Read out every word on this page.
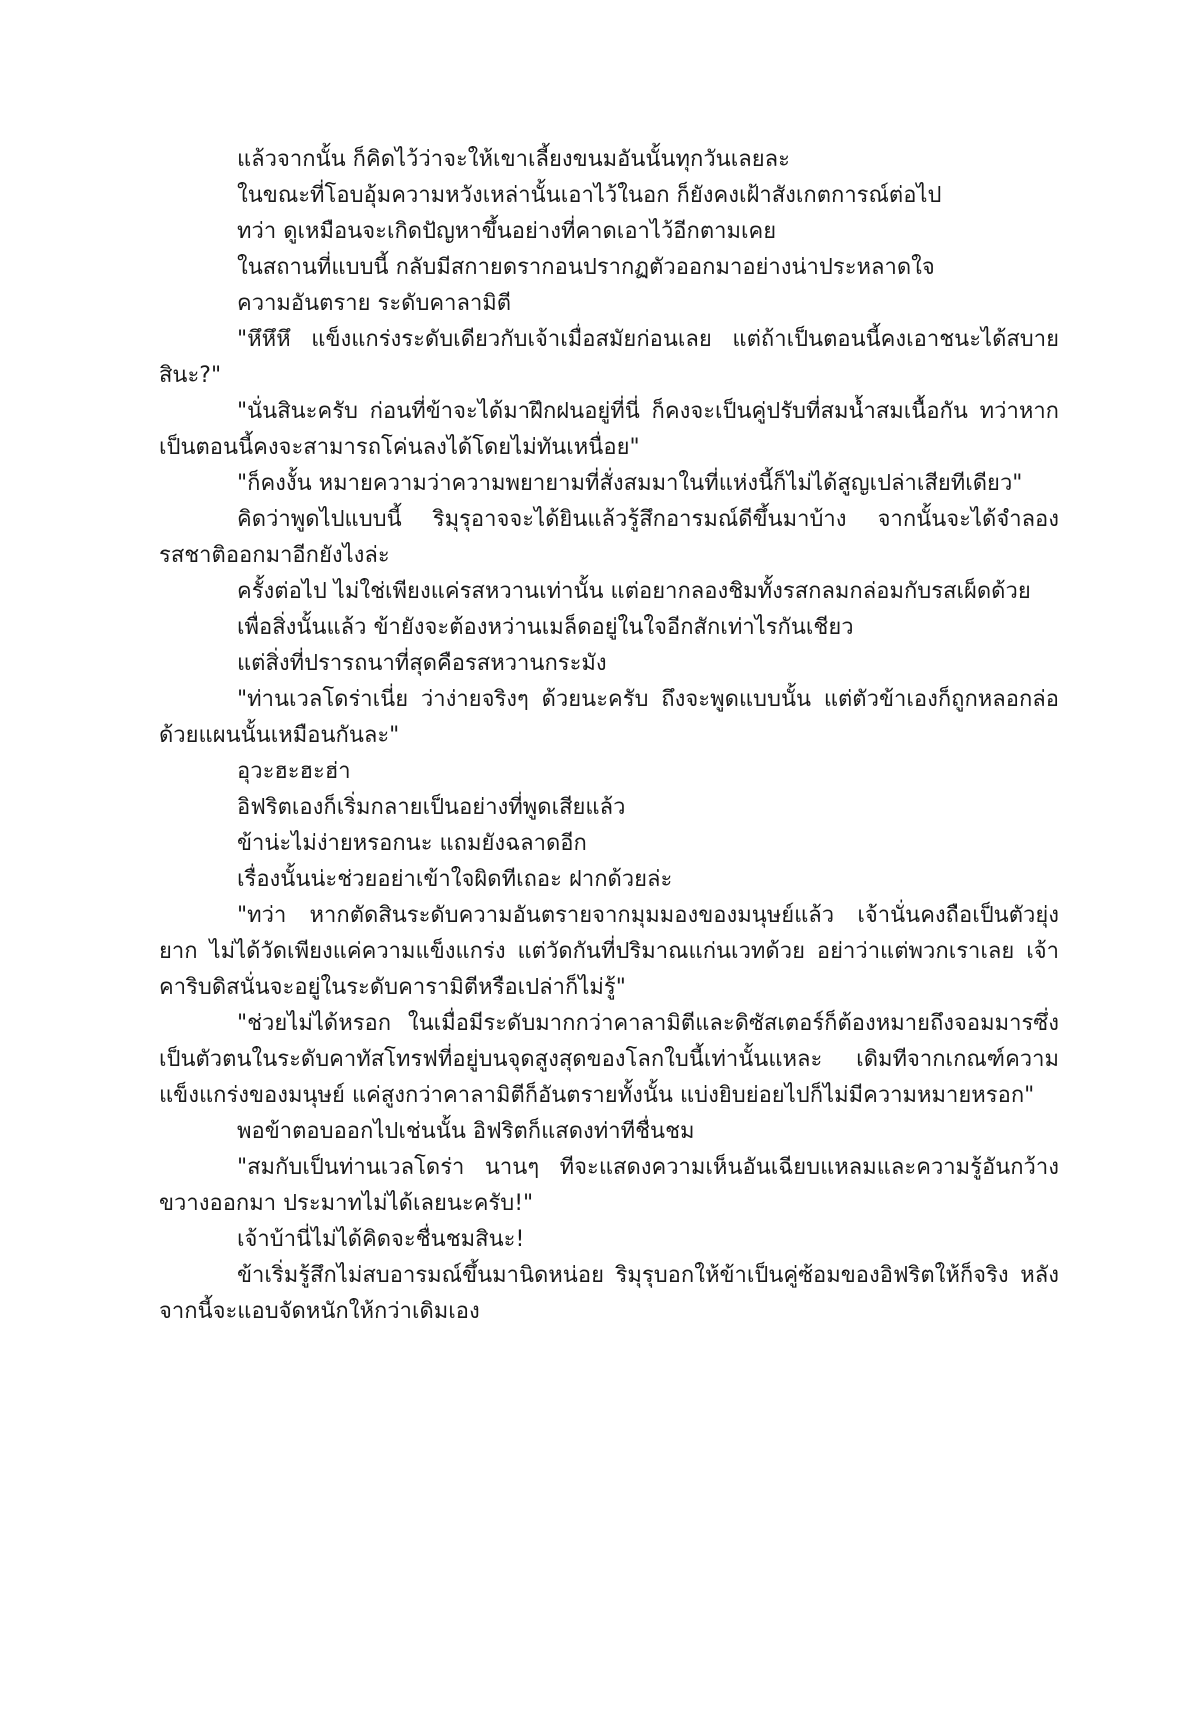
แล้วจากนั้น ก็คิดไว้ว่าจะให้เขาเลี้ยงขนมอันนั้นทุกวันเลยละ

ในขณะที่โอบอุ้มความหวังเหล่านั้นเอาไว้ในอก ก็ยังคงเฝ้าสังเกตการณ์ต่อไป

ทว่า ดูเหมือนจะเกิดปัญหาขึ้นอย่างที่คาดเอาไว้อีกตามเคย

ในสถานที่แบบนี้ กลับมีสกายดรากอนปรากฏตัวออกมาอย่างน่าประหลาดใจ

ความอันตราย ระดับคาลามิตี

"หึหึหึ แข็งแกร่งระดับเดียวกับเจ้าเมื่อสมัยก่อนเลย แต่ถ้าเป็นตอนนี้คงเอาชนะได้สบายสินะ?"

"นั่นสินะครับ ก่อนที่ข้าจะได้มาฝึกฝนอยู่ที่นี่ ก็คงจะเป็นคู่ปรับที่สมน้ำสมเนื้อกัน ทว่าหากเป็นตอนนี้คงจะสามารถโค่นลงได้โดยไม่ทันเหนื่อย"

"ก็คงงั้น หมายความว่าความพยายามที่สั่งสมมาในที่แห่งนี้ก็ไม่ได้สูญเปล่าเสียทีเดียว"

คิดว่าพูดไปแบบนี้ ริมุรุอาจจะได้ยินแล้วรู้สึกอารมณ์ดีขึ้นมาบ้าง จากนั้นจะได้จำลองรสชาติออกมาอีกยังไงล่ะ

ครั้งต่อไป ไม่ใช่เพียงแค่รสหวานเท่านั้น แต่อยากลองชิมทั้งรสกลมกล่อมกับรสเผ็ดด้วย

เพื่อสิ่งนั้นแล้ว ข้ายังจะต้องหว่านเมล็ดอยู่ในใจอีกสักเท่าไรกันเชียว

แต่สิ่งที่ปรารถนาที่สุดคือรสหวานกระมัง

"ท่านเวลโดร่าเนี่ย ว่าง่ายจริงๆ ด้วยนะครับ ถึงจะพูดแบบนั้น แต่ตัวข้าเองก็ถูกหลอกล่อด้วยแผนนั้นเหมือนกันละ"

อุวะฮะฮะฮ่า

อิฟริตเองก็เริ่มกลายเป็นอย่างที่พูดเสียแล้ว

ข้าน่ะไม่ง่ายหรอกนะ แถมยังฉลาดอีก

เรื่องนั้นน่ะช่วยอย่าเข้าใจผิดทีเถอะ ฝากด้วยล่ะ

"ทว่า หากตัดสินระดับความอันตรายจากมุมมองของมนุษย์แล้ว เจ้านั่นคงถือเป็นตัวยุ่งยาก ไม่ได้วัดเพียงแค่ความแข็งแกร่ง แต่วัดกันที่ปริมาณแก่นเวทด้วย อย่าว่าแต่พวกเราเลย เจ้าคาริบดิสนั่นจะอยู่ในระดับคารามิตีหรือเปล่าก็ไม่รู้"

"ช่วยไม่ได้หรอก ในเมื่อมีระดับมากกว่าคาลามิตีและดิซัสเตอร์ก็ต้องหมายถึงจอมมารซึ่งเป็นตัวตนในระดับคาทัสโทรฟที่อยู่บนจุดสูงสุดของโลกใบนี้เท่านั้นแหละ เดิมทีจากเกณฑ์ความแข็งแกร่งของมนุษย์ แค่สูงกว่าคาลามิตีก็อันตรายทั้งนั้น แบ่งยิบย่อยไปก็ไม่มีความหมายหรอก"

พอข้าตอบออกไปเช่นนั้น อิฟริตก็แสดงท่าทีชื่นชม

"สมกับเป็นท่านเวลโดร่า นานๆ ทีจะแสดงความเห็นอันเฉียบแหลมและความรู้อันกว้างขวางออกมา ประมาทไม่ได้เลยนะครับ!"

เจ้าบ้านี่ไม่ได้คิดจะชื่นชมสินะ!

ข้าเริ่มรู้สึกไม่สบอารมณ์ขึ้นมานิดหน่อย ริมุรุบอกให้ข้าเป็นคู่ซ้อมของอิฟริตให้ก็จริง หลังจากนี้จะแอบจัดหนักให้กว่าเดิมเอง
